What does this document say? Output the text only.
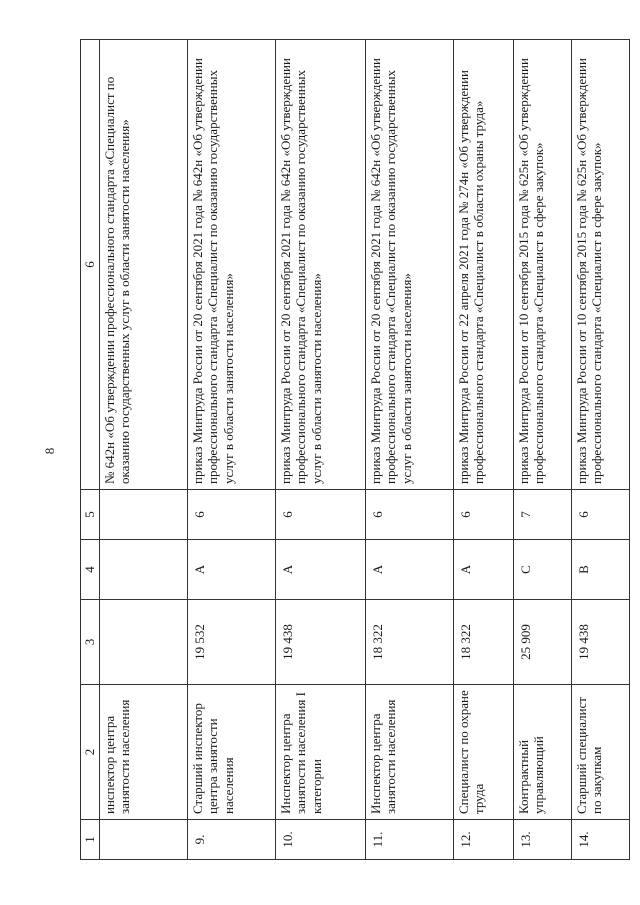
8
1	2	3	4	5	6
	инспектор центра занятости населения				№ 642н «Об утверждении профессионального стандарта «Специалист по оказанию государственных услуг в области занятости населения»
9.	Старший инспектор центра занятости населения	19 532	А	6	приказ Минтруда России от 20 сентября 2021 года № 642н «Об утверждении профессионального стандарта «Специалист по оказанию государственных услуг в области занятости населения»
10.	Инспектор центра занятости населения I категории	19 438	А	6	приказ Минтруда России от 20 сентября 2021 года № 642н «Об утверждении профессионального стандарта «Специалист по оказанию государственных услуг в области занятости населения»
11.	Инспектор центра занятости населения	18 322	А	6	приказ Минтруда России от 20 сентября 2021 года № 642н «Об утверждении профессионального стандарта «Специалист по оказанию государственных услуг в области занятости населения»
12.	Специалист по охране труда	18 322	А	6	приказ Минтруда России от 22 апреля 2021 года № 274н «Об утверждении профессионального стандарта «Специалист в области охраны труда»
13.	Контрактный управляющий	25 909	С	7	приказ Минтруда России от 10 сентября 2015 года № 625н «Об утверждении профессионального стандарта «Специалист в сфере закупок»
14.	Старший специалист по закупкам	19 438	В	6	приказ Минтруда России от 10 сентября 2015 года № 625н «Об утверждении профессионального стандарта «Специалист в сфере закупок»
